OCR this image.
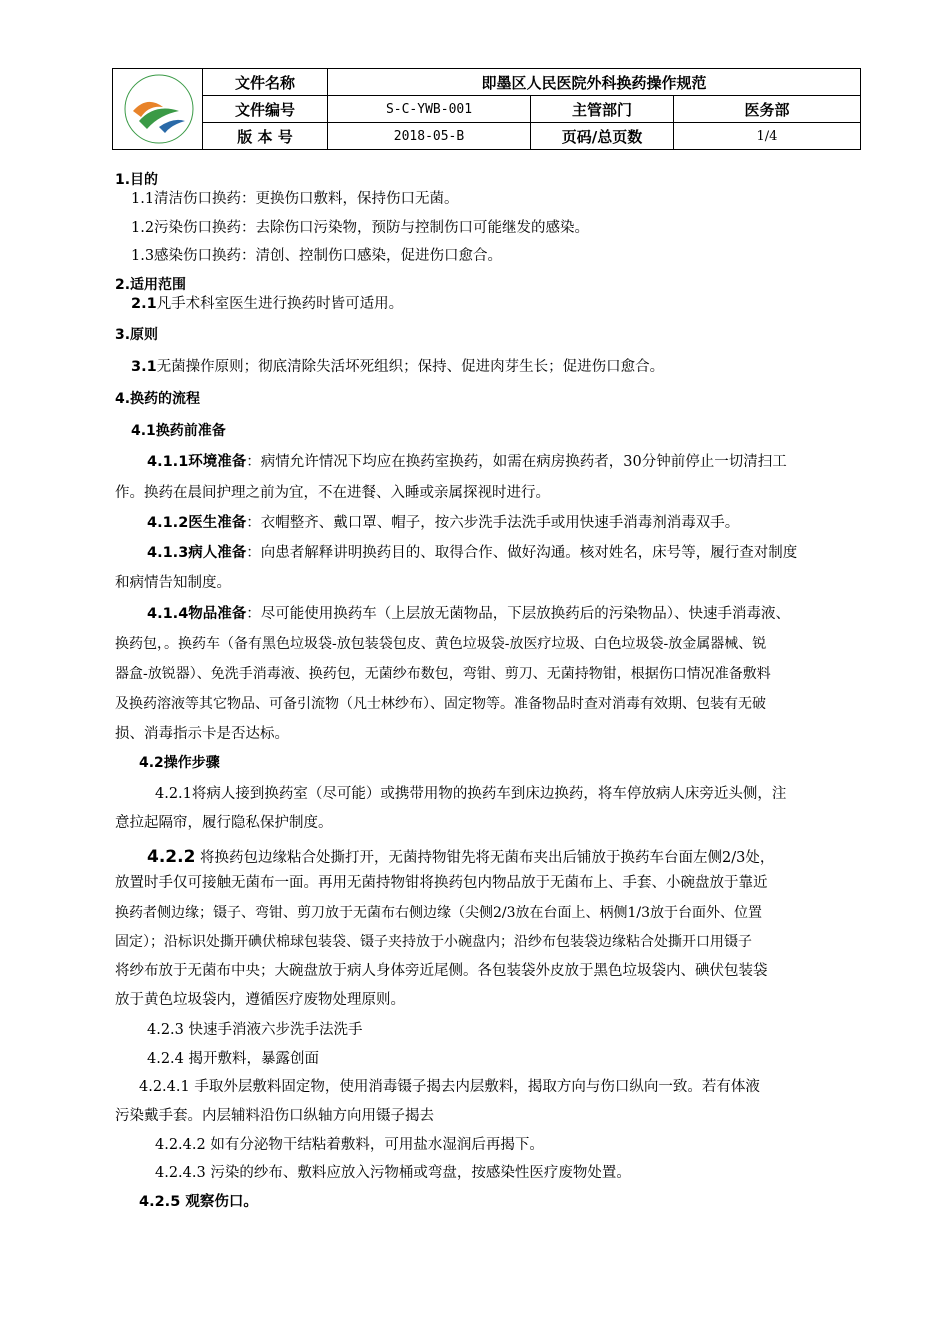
文件名称	即墨区人民医院外科换药操作规范
文件编号	S-C-YWB-001	主管部门	医务部
版 本 号	2018-05-B	页码/总页数	1/4
1.目的
1.1清洁伤口换药：更换伤口敷料，保持伤口无菌。
1.2污染伤口换药：去除伤口污染物，预防与控制伤口可能继发的感染。
1.3感染伤口换药：清创、控制伤口感染，促进伤口愈合。
2.适用范围
2.1凡手术科室医生进行换药时皆可适用。
3.原则
3.1无菌操作原则；彻底清除失活坏死组织；保持、促进肉芽生长；促进伤口愈合。
4.换药的流程
4.1换药前准备
4.1.1环境准备：病情允许情况下均应在换药室换药，如需在病房换药者，30分钟前停止一切清扫工
作。换药在晨间护理之前为宜，不在进餐、入睡或亲属探视时进行。
4.1.2医生准备：衣帽整齐、戴口罩、帽子，按六步洗手法洗手或用快速手消毒剂消毒双手。
4.1.3病人准备：向患者解释讲明换药目的、取得合作、做好沟通。核对姓名，床号等，履行查对制度
和病情告知制度。
4.1.4物品准备：尽可能使用换药车（上层放无菌物品，下层放换药后的污染物品）、快速手消毒液、
换药包，。换药车（备有黑色垃圾袋-放包装袋包皮、黄色垃圾袋-放医疗垃圾、白色垃圾袋-放金属器械、锐
器盒-放锐器）、免洗手消毒液、换药包，无菌纱布数包，弯钳、剪刀、无菌持物钳，根据伤口情况准备敷料
及换药溶液等其它物品、可备引流物（凡士林纱布）、固定物等。准备物品时查对消毒有效期、包装有无破
损、消毒指示卡是否达标。
4.2操作步骤
4.2.1将病人接到换药室（尽可能）或携带用物的换药车到床边换药，将车停放病人床旁近头侧，注
意拉起隔帘，履行隐私保护制度。
4.2.2 将换药包边缘粘合处撕打开，无菌持物钳先将无菌布夹出后铺放于换药车台面左侧2/3处，
放置时手仅可接触无菌布一面。再用无菌持物钳将换药包内物品放于无菌布上、手套、小碗盘放于靠近
换药者侧边缘；镊子、弯钳、剪刀放于无菌布右侧边缘（尖侧2/3放在台面上、柄侧1/3放于台面外、位置
固定）；沿标识处撕开碘伏棉球包装袋、镊子夹持放于小碗盘内；沿纱布包装袋边缘粘合处撕开口用镊子
将纱布放于无菌布中央；大碗盘放于病人身体旁近尾侧。各包装袋外皮放于黑色垃圾袋内、碘伏包装袋
放于黄色垃圾袋内，遵循医疗废物处理原则。
4.2.3 快速手消液六步洗手法洗手
4.2.4 揭开敷料，暴露创面
4.2.4.1 手取外层敷料固定物，使用消毒镊子揭去内层敷料，揭取方向与伤口纵向一致。若有体液
污染戴手套。内层辅料沿伤口纵轴方向用镊子揭去
4.2.4.2 如有分泌物干结粘着敷料，可用盐水湿润后再揭下。
4.2.4.3 污染的纱布、敷料应放入污物桶或弯盘，按感染性医疗废物处置。
4.2.5 观察伤口。
